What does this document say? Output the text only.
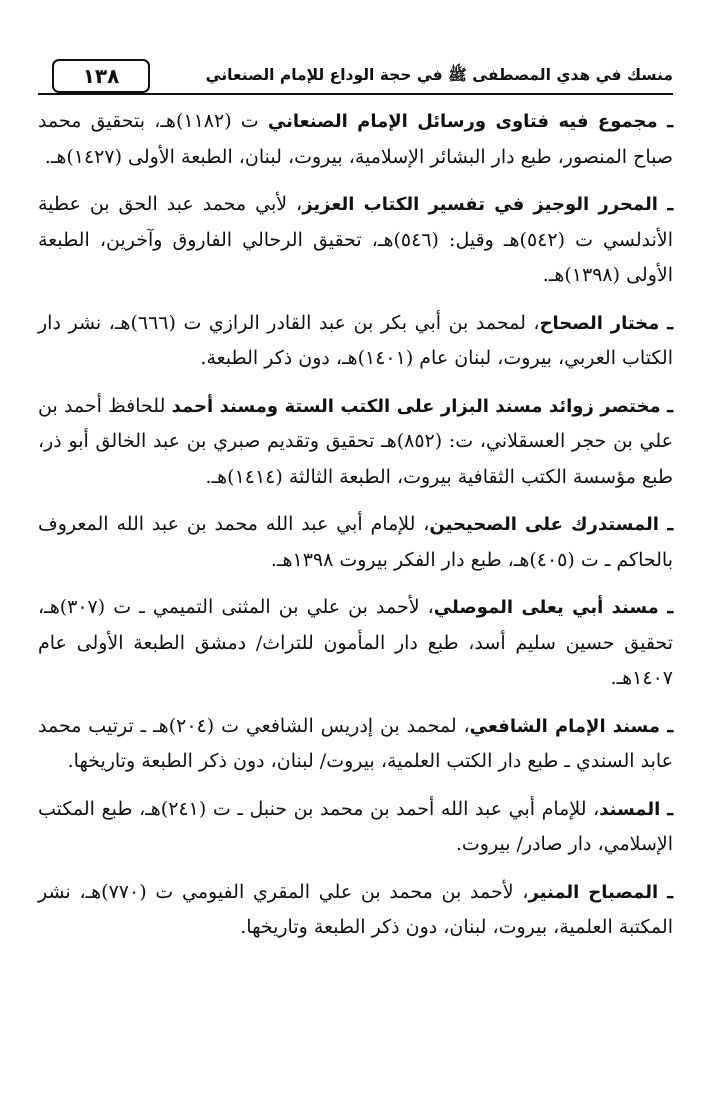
منسك في هدي المصطفى ﷺ في حجة الوداع للإمام الصنعاني
١٣٨

ـ مجموع فيه فتاوى ورسائل الإمام الصنعاني ت (١١٨٢)هـ، بتحقيق محمد صباح المنصور، طبع دار البشائر الإسلامية، بيروت، لبنان، الطبعة الأولى (١٤٢٧)هـ.

ـ المحرر الوجيز في تفسير الكتاب العزيز، لأبي محمد عبد الحق بن عطية الأندلسي ت (٥٤٢)هـ وقيل: (٥٤٦)هـ، تحقيق الرحالي الفاروق وآخرين، الطبعة الأولى (١٣٩٨)هـ.

ـ مختار الصحاح، لمحمد بن أبي بكر بن عبد القادر الرازي ت (٦٦٦)هـ، نشر دار الكتاب العربي، بيروت، لبنان عام (١٤٠١)هـ، دون ذكر الطبعة.

ـ مختصر زوائد مسند البزار على الكتب الستة ومسند أحمد للحافظ أحمد بن علي بن حجر العسقلاني، ت: (٨٥٢)هـ تحقيق وتقديم صبري بن عبد الخالق أبو ذر، طبع مؤسسة الكتب الثقافية بيروت، الطبعة الثالثة (١٤١٤)هـ.

ـ المستدرك على الصحيحين، للإمام أبي عبد الله محمد بن عبد الله المعروف بالحاكم ـ ت (٤٠٥)هـ، طبع دار الفكر بيروت ١٣٩٨هـ.

ـ مسند أبي يعلى الموصلي، لأحمد بن علي بن المثنى التميمي ـ ت (٣٠٧)هـ، تحقيق حسين سليم أسد، طبع دار المأمون للتراث/ دمشق الطبعة الأولى عام ١٤٠٧هـ.

ـ مسند الإمام الشافعي، لمحمد بن إدريس الشافعي ت (٢٠٤)هـ ـ ترتيب محمد عابد السندي ـ طبع دار الكتب العلمية، بيروت/ لبنان، دون ذكر الطبعة وتاريخها.

ـ المسند، للإمام أبي عبد الله أحمد بن محمد بن حنبل ـ ت (٢٤١)هـ، طبع المكتب الإسلامي، دار صادر/ بيروت.

ـ المصباح المنير، لأحمد بن محمد بن علي المقري الفيومي ت (٧٧٠)هـ، نشر المكتبة العلمية، بيروت، لبنان، دون ذكر الطبعة وتاريخها.
